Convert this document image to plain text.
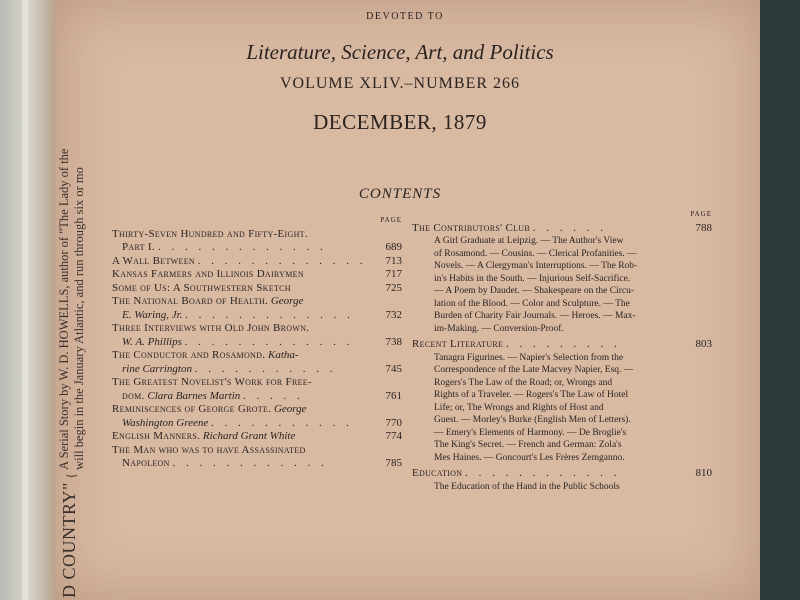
D COUNTRY" {
A Serial Story by W. D. HOWELLS, author of "The Lady of the will begin in the January Atlantic, and run through six or mo
DEVOTED TO
Literature, Science, Art, and Politics
VOLUME XLIV.–NUMBER 266
DECEMBER, 1879
CONTENTS
PAGE
Thirty-Seven Hundred and Fifty-Eight.
Part I. . . . . . . . . . . . . .	689
A Wall Between . . . . . . . . . . . . . 713
Kansas Farmers and Illinois Dairymen	717
Some of Us: A Southwestern Sketch	725
The National Board of Health. George
E. Waring, Jr. . . . . . . . . . . . . .	732
Three Interviews with Old John Brown.
W. A. Phillips . . . . . . . . . . . . .	738
The Conductor and Rosamond. Katha-
rine Carrington . . . . . . . . . . .	745
The Greatest Novelist's Work for Free-
dom. Clara Barnes Martin . . . . .	761
Reminiscences of George Grote. George
Washington Greene . . . . . . . . . . .	770
English Manners. Richard Grant White	774
The Man who was to have Assassinated
Napoleon . . . . . . . . . . . .	785
PAGE
The Contributors' Club . . . . . .	788
A Girl Graduate at Leipzig. — The Author's View
of Rosamond. — Cousins. — Clerical Profanities. —
Novels. — A Clergyman's Interruptions. — The Rob-
in's Habits in the South. — Injurious Self-Sacrifice.
— A Poem by Daudet. — Shakespeare on the Circu-
lation of the Blood. — Color and Sculpture. — The
Burden of Charity Fair Journals. — Heroes. — Max-
im-Making. — Conversion-Proof.
Recent Literature . . . . . . . . .	803
Tanagra Figurines. — Napier's Selection from the
Correspondence of the Late Macvey Napier, Esq. —
Rogers's The Law of the Road; or, Wrongs and
Rights of a Traveler. — Rogers's The Law of Hotel
Life; or, The Wrongs and Rights of Host and
Guest. — Morley's Burke (English Men of Letters).
— Emery's Elements of Harmony. — De Broglie's
The King's Secret. — French and German: Zola's
Mes Haines. — Goncourt's Les Frères Zemganno.
Education . . . . . . . . . . . .	810
The Education of the Hand in the Public Schools
